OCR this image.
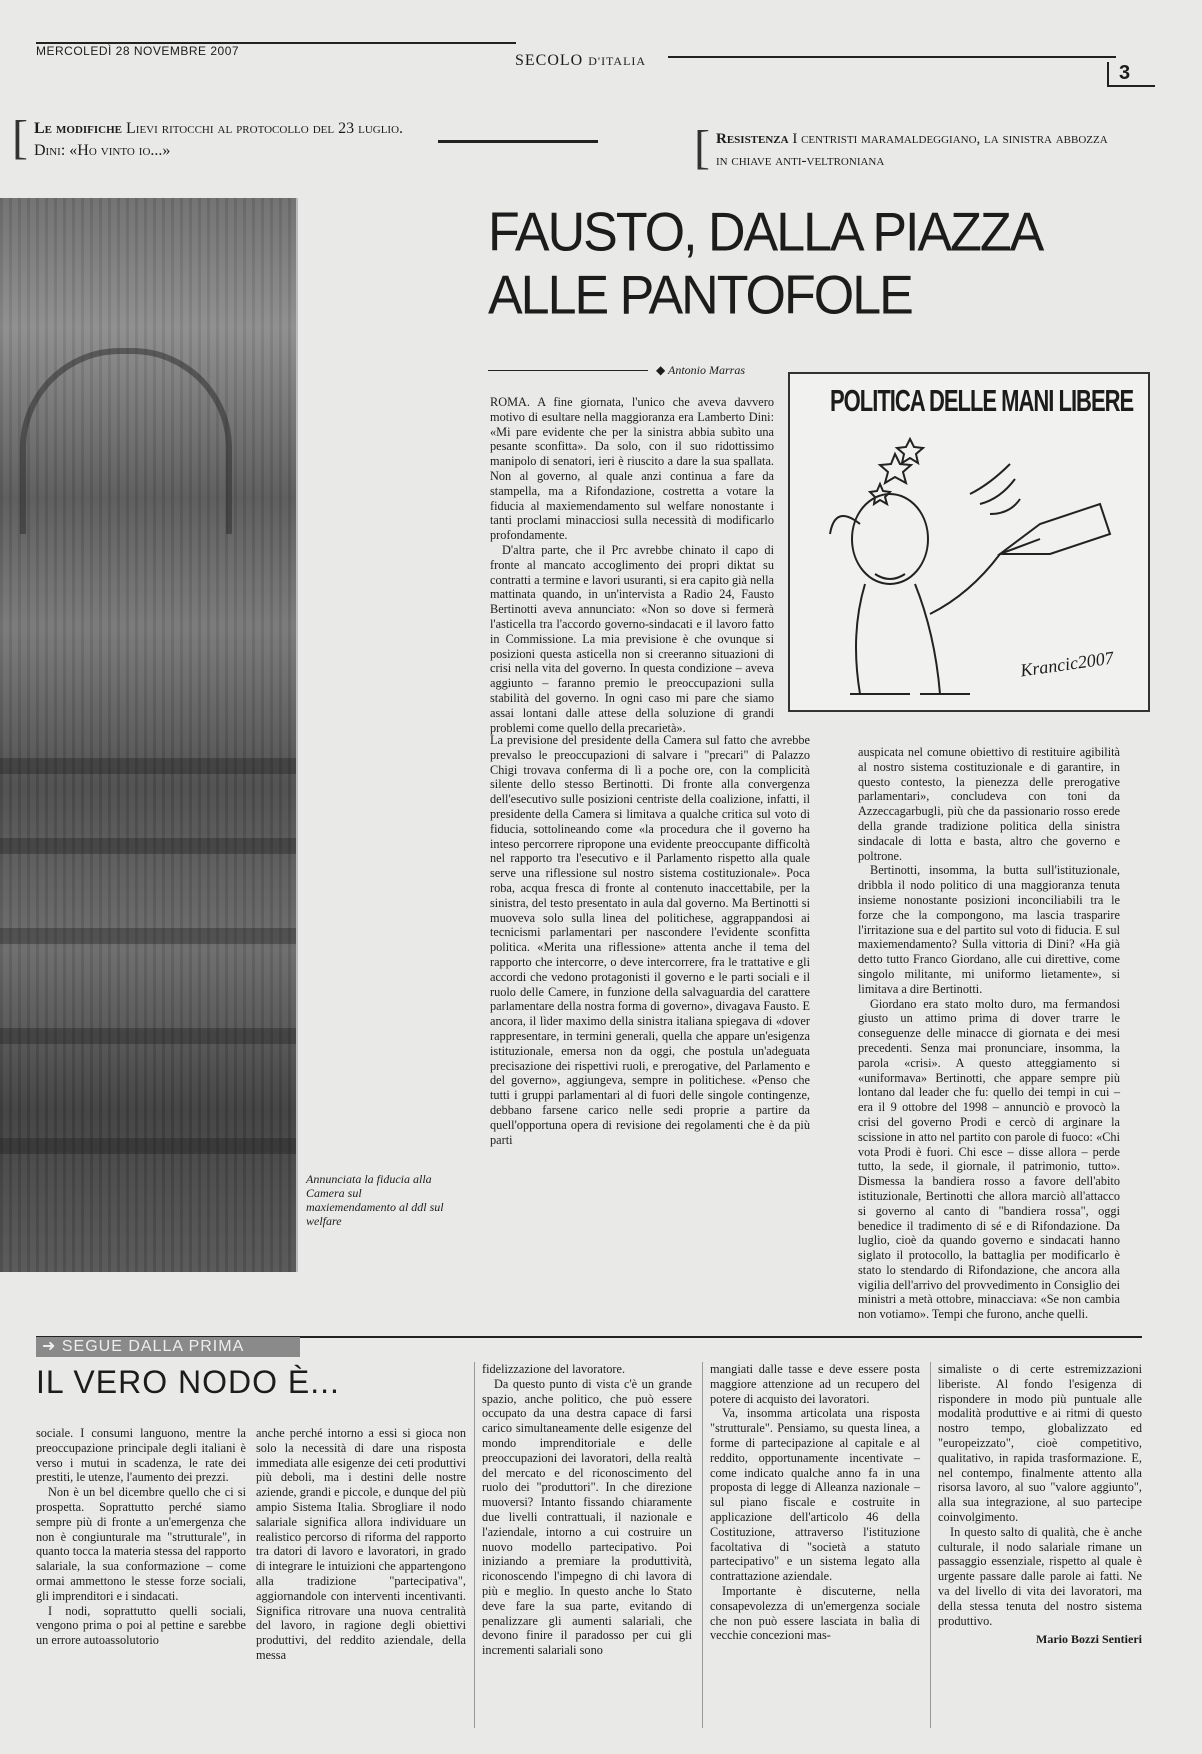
MERCOLEDÌ 28 NOVEMBRE 2007
SECOLO D'ITALIA
3
[ Le modifiche Lievi ritocchi al protocollo del 23 luglio. Dini: «Ho vinto io...»	[ Resistenza I centristi maramaldeggiano, la sinistra abbozza in chiave anti-veltroniana
Annunciata la fiducia alla Camera sul maxiemendamento al ddl sul welfare
FAUSTO, DALLA PIAZZA ALLE PANTOFOLE
◆ Antonio Marras

ROMA. A fine giornata, l'unico che aveva davvero motivo di esultare nella maggioranza era Lamberto Dini: «Mi pare evidente che per la sinistra abbia subìto una pesante sconfitta». Da solo, con il suo ridottissimo manipolo di senatori, ieri è riuscito a dare la sua spallata. Non al governo, al quale anzi continua a fare da stampella, ma a Rifondazione, costretta a votare la fiducia al maxiemendamento sul welfare nonostante i tanti proclami minacciosi sulla necessità di modificarlo profondamente.

D'altra parte, che il Prc avrebbe chinato il capo di fronte al mancato accoglimento dei propri diktat su contratti a termine e lavori usuranti, si era capito già nella mattinata quando, in un'intervista a Radio 24, Fausto Bertinotti aveva annunciato: «Non so dove si fermerà l'asticella tra l'accordo governo-sindacati e il lavoro fatto in Commissione. La mia previsione è che ovunque si posizioni questa asticella non si creeranno situazioni di crisi nella vita del governo. In questa condizione – aveva aggiunto – faranno premio le preoccupazioni sulla stabilità del governo. In ogni caso mi pare che siamo assai lontani dalle attese della soluzione di grandi problemi come quello della precarietà».

POLITICA DELLE MANI LIBERE
Krancic2007

La previsione del presidente della Camera sul fatto che avrebbe prevalso le preoccupazioni di salvare i "precari" di Palazzo Chigi trovava conferma di lì a poche ore, con la complicità silente dello stesso Bertinotti. Di fronte alla convergenza dell'esecutivo sulle posizioni centriste della coalizione, infatti, il presidente della Camera si limitava a qualche critica sul voto di fiducia, sottolineando come «la procedura che il governo ha inteso percorrere ripropone una evidente preoccupante difficoltà nel rapporto tra l'esecutivo e il Parlamento rispetto alla quale serve una riflessione sul nostro sistema costituzionale». Poca roba, acqua fresca di fronte al contenuto inaccettabile, per la sinistra, del testo presentato in aula dal governo. Ma Bertinotti si muoveva solo sulla linea del politichese, aggrappandosi ai tecnicismi parlamentari per nascondere l'evidente sconfitta politica. «Merita una riflessione» attenta anche il tema del rapporto che intercorre, o deve intercorrere, fra le trattative e gli accordi che vedono protagonisti il governo e le parti sociali e il ruolo delle Camere, in funzione della salvaguardia del carattere parlamentare della nostra forma di governo», divagava Fausto. E ancora, il lìder maximo della sinistra italiana spiegava di «dover rappresentare, in termini generali, quella che appare un'esigenza istituzionale, emersa non da oggi, che postula un'adeguata precisazione dei rispettivi ruoli, e prerogative, del Parlamento e del governo», aggiungeva, sempre in politichese. «Penso che tutti i gruppi parlamentari al di fuori delle singole contingenze, debbano farsene carico nelle sedi proprie a partire da quell'opportuna opera di revisione dei regolamenti che è da più parti

auspicata nel comune obiettivo di restituire agibilità al nostro sistema costituzionale e di garantire, in questo contesto, la pienezza delle prerogative parlamentari», concludeva con toni da Azzeccagarbugli, più che da passionario rosso erede della grande tradizione politica della sinistra sindacale di lotta e basta, altro che governo e poltrone.

Bertinotti, insomma, la butta sull'istituzionale, dribbla il nodo politico di una maggioranza tenuta insieme nonostante posizioni inconciliabili tra le forze che la compongono, ma lascia trasparire l'irritazione sua e del partito sul voto di fiducia. E sul maxiemendamento? Sulla vittoria di Dini? «Ha già detto tutto Franco Giordano, alle cui direttive, come singolo militante, mi uniformo lietamente», si limitava a dire Bertinotti.

Giordano era stato molto duro, ma fermandosi giusto un attimo prima di dover trarre le conseguenze delle minacce di giornata e dei mesi precedenti. Senza mai pronunciare, insomma, la parola «crisi». A questo atteggiamento si «uniformava» Bertinotti, che appare sempre più lontano dal leader che fu: quello dei tempi in cui – era il 9 ottobre del 1998 – annunciò e provocò la crisi del governo Prodi e cercò di arginare la scissione in atto nel partito con parole di fuoco: «Chi vota Prodi è fuori. Chi esce – disse allora – perde tutto, la sede, il giornale, il patrimonio, tutto». Dismessa la bandiera rosso a favore dell'abito istituzionale, Bertinotti che allora marciò all'attacco si governo al canto di "bandiera rossa", oggi benedice il tradimento di sé e di Rifondazione. Da luglio, cioè da quando governo e sindacati hanno siglato il protocollo, la battaglia per modificarlo è stato lo stendardo di Rifondazione, che ancora alla vigilia dell'arrivo del provvedimento in Consiglio dei ministri a metà ottobre, minacciava: «Se non cambia non votiamo». Tempi che furono, anche quelli.

➜ SEGUE DALLA PRIMA
IL VERO NODO È...

sociale. I consumi languono, mentre la preoccupazione principale degli italiani è verso i mutui in scadenza, le rate dei prestiti, le utenze, l'aumento dei prezzi.

Non è un bel dicembre quello che ci si prospetta. Soprattutto perché siamo sempre più di fronte a un'emergenza che non è congiunturale ma "strutturale", in quanto tocca la materia stessa del rapporto salariale, la sua conformazione – come ormai ammettono le stesse forze sociali, gli imprenditori e i sindacati.

I nodi, soprattutto quelli sociali, vengono prima o poi al pettine e sarebbe un errore autoassolutorio

anche perché intorno a essi si gioca non solo la necessità di dare una risposta immediata alle esigenze dei ceti produttivi più deboli, ma i destini delle nostre aziende, grandi e piccole, e dunque del più ampio Sistema Italia. Sbrogliare il nodo salariale significa allora individuare un realistico percorso di riforma del rapporto tra datori di lavoro e lavoratori, in grado di integrare le intuizioni che appartengono alla tradizione "partecipativa", aggiornandole con interventi incentivanti. Significa ritrovare una nuova centralità del lavoro, in ragione degli obiettivi produttivi, del reddito aziendale, della messa

fidelizzazione del lavoratore.

Da questo punto di vista c'è un grande spazio, anche politico, che può essere occupato da una destra capace di farsi carico simultaneamente delle esigenze del mondo imprenditoriale e delle preoccupazioni dei lavoratori, della realtà del mercato e del riconoscimento del ruolo dei "produttori". In che direzione muoversi? Intanto fissando chiaramente due livelli contrattuali, il nazionale e l'aziendale, intorno a cui costruire un nuovo modello partecipativo. Poi iniziando a premiare la produttività, riconoscendo l'impegno di chi lavora di più e meglio. In questo anche lo Stato deve fare la sua parte, evitando di penalizzare gli aumenti salariali, che devono finire il paradosso per cui gli incrementi salariali sono

mangiati dalle tasse e deve essere posta maggiore attenzione ad un recupero del potere di acquisto dei lavoratori.

Va, insomma articolata una risposta "strutturale". Pensiamo, su questa linea, a forme di partecipazione al capitale e al reddito, opportunamente incentivate – come indicato qualche anno fa in una proposta di legge di Alleanza nazionale – sul piano fiscale e costruite in applicazione dell'articolo 46 della Costituzione, attraverso l'istituzione facoltativa di "società a statuto partecipativo" e un sistema legato alla contrattazione aziendale.

Importante è discuterne, nella consapevolezza di un'emergenza sociale che non può essere lasciata in balìa di vecchie concezioni mas-

simaliste o di certe estremizzazioni liberiste. Al fondo l'esigenza di rispondere in modo più puntuale alle modalità produttive e ai ritmi di questo nostro tempo, globalizzato ed "europeizzato", cioè competitivo, qualitativo, in rapida trasformazione. E, nel contempo, finalmente attento alla risorsa lavoro, al suo "valore aggiunto", alla sua integrazione, al suo partecipe coinvolgimento.

In questo salto di qualità, che è anche culturale, il nodo salariale rimane un passaggio essenziale, rispetto al quale è urgente passare dalle parole ai fatti. Ne va del livello di vita dei lavoratori, ma della stessa tenuta del nostro sistema produttivo.

Mario Bozzi Sentieri
